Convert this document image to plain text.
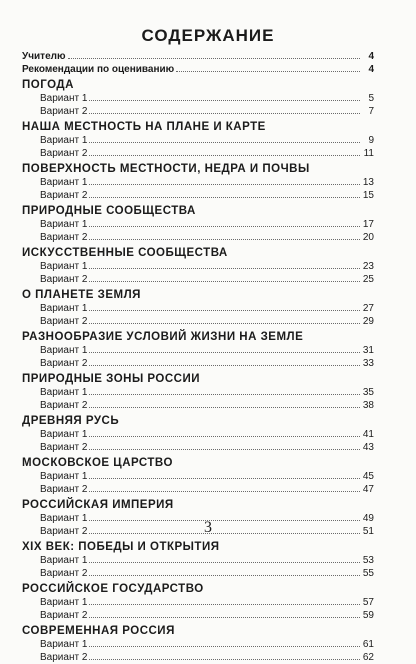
СОДЕРЖАНИЕ
Учителю	4
Рекомендации по оцениванию	4
ПОГОДА
Вариант 1	5
Вариант 2	7
НАША МЕСТНОСТЬ НА ПЛАНЕ И КАРТЕ
Вариант 1	9
Вариант 2	11
ПОВЕРХНОСТЬ МЕСТНОСТИ, НЕДРА И ПОЧВЫ
Вариант 1	13
Вариант 2	15
ПРИРОДНЫЕ СООБЩЕСТВА
Вариант 1	17
Вариант 2	20
ИСКУССТВЕННЫЕ СООБЩЕСТВА
Вариант 1	23
Вариант 2	25
О ПЛАНЕТЕ ЗЕМЛЯ
Вариант 1	27
Вариант 2	29
РАЗНООБРАЗИЕ УСЛОВИЙ ЖИЗНИ НА ЗЕМЛЕ
Вариант 1	31
Вариант 2	33
ПРИРОДНЫЕ ЗОНЫ РОССИИ
Вариант 1	35
Вариант 2	38
ДРЕВНЯЯ РУСЬ
Вариант 1	41
Вариант 2	43
МОСКОВСКОЕ ЦАРСТВО
Вариант 1	45
Вариант 2	47
РОССИЙСКАЯ ИМПЕРИЯ
Вариант 1	49
Вариант 2	51
XIX ВЕК: ПОБЕДЫ И ОТКРЫТИЯ
Вариант 1	53
Вариант 2	55
РОССИЙСКОЕ ГОСУДАРСТВО
Вариант 1	57
Вариант 2	59
СОВРЕМЕННАЯ РОССИЯ
Вариант 1	61
Вариант 2	62
3
